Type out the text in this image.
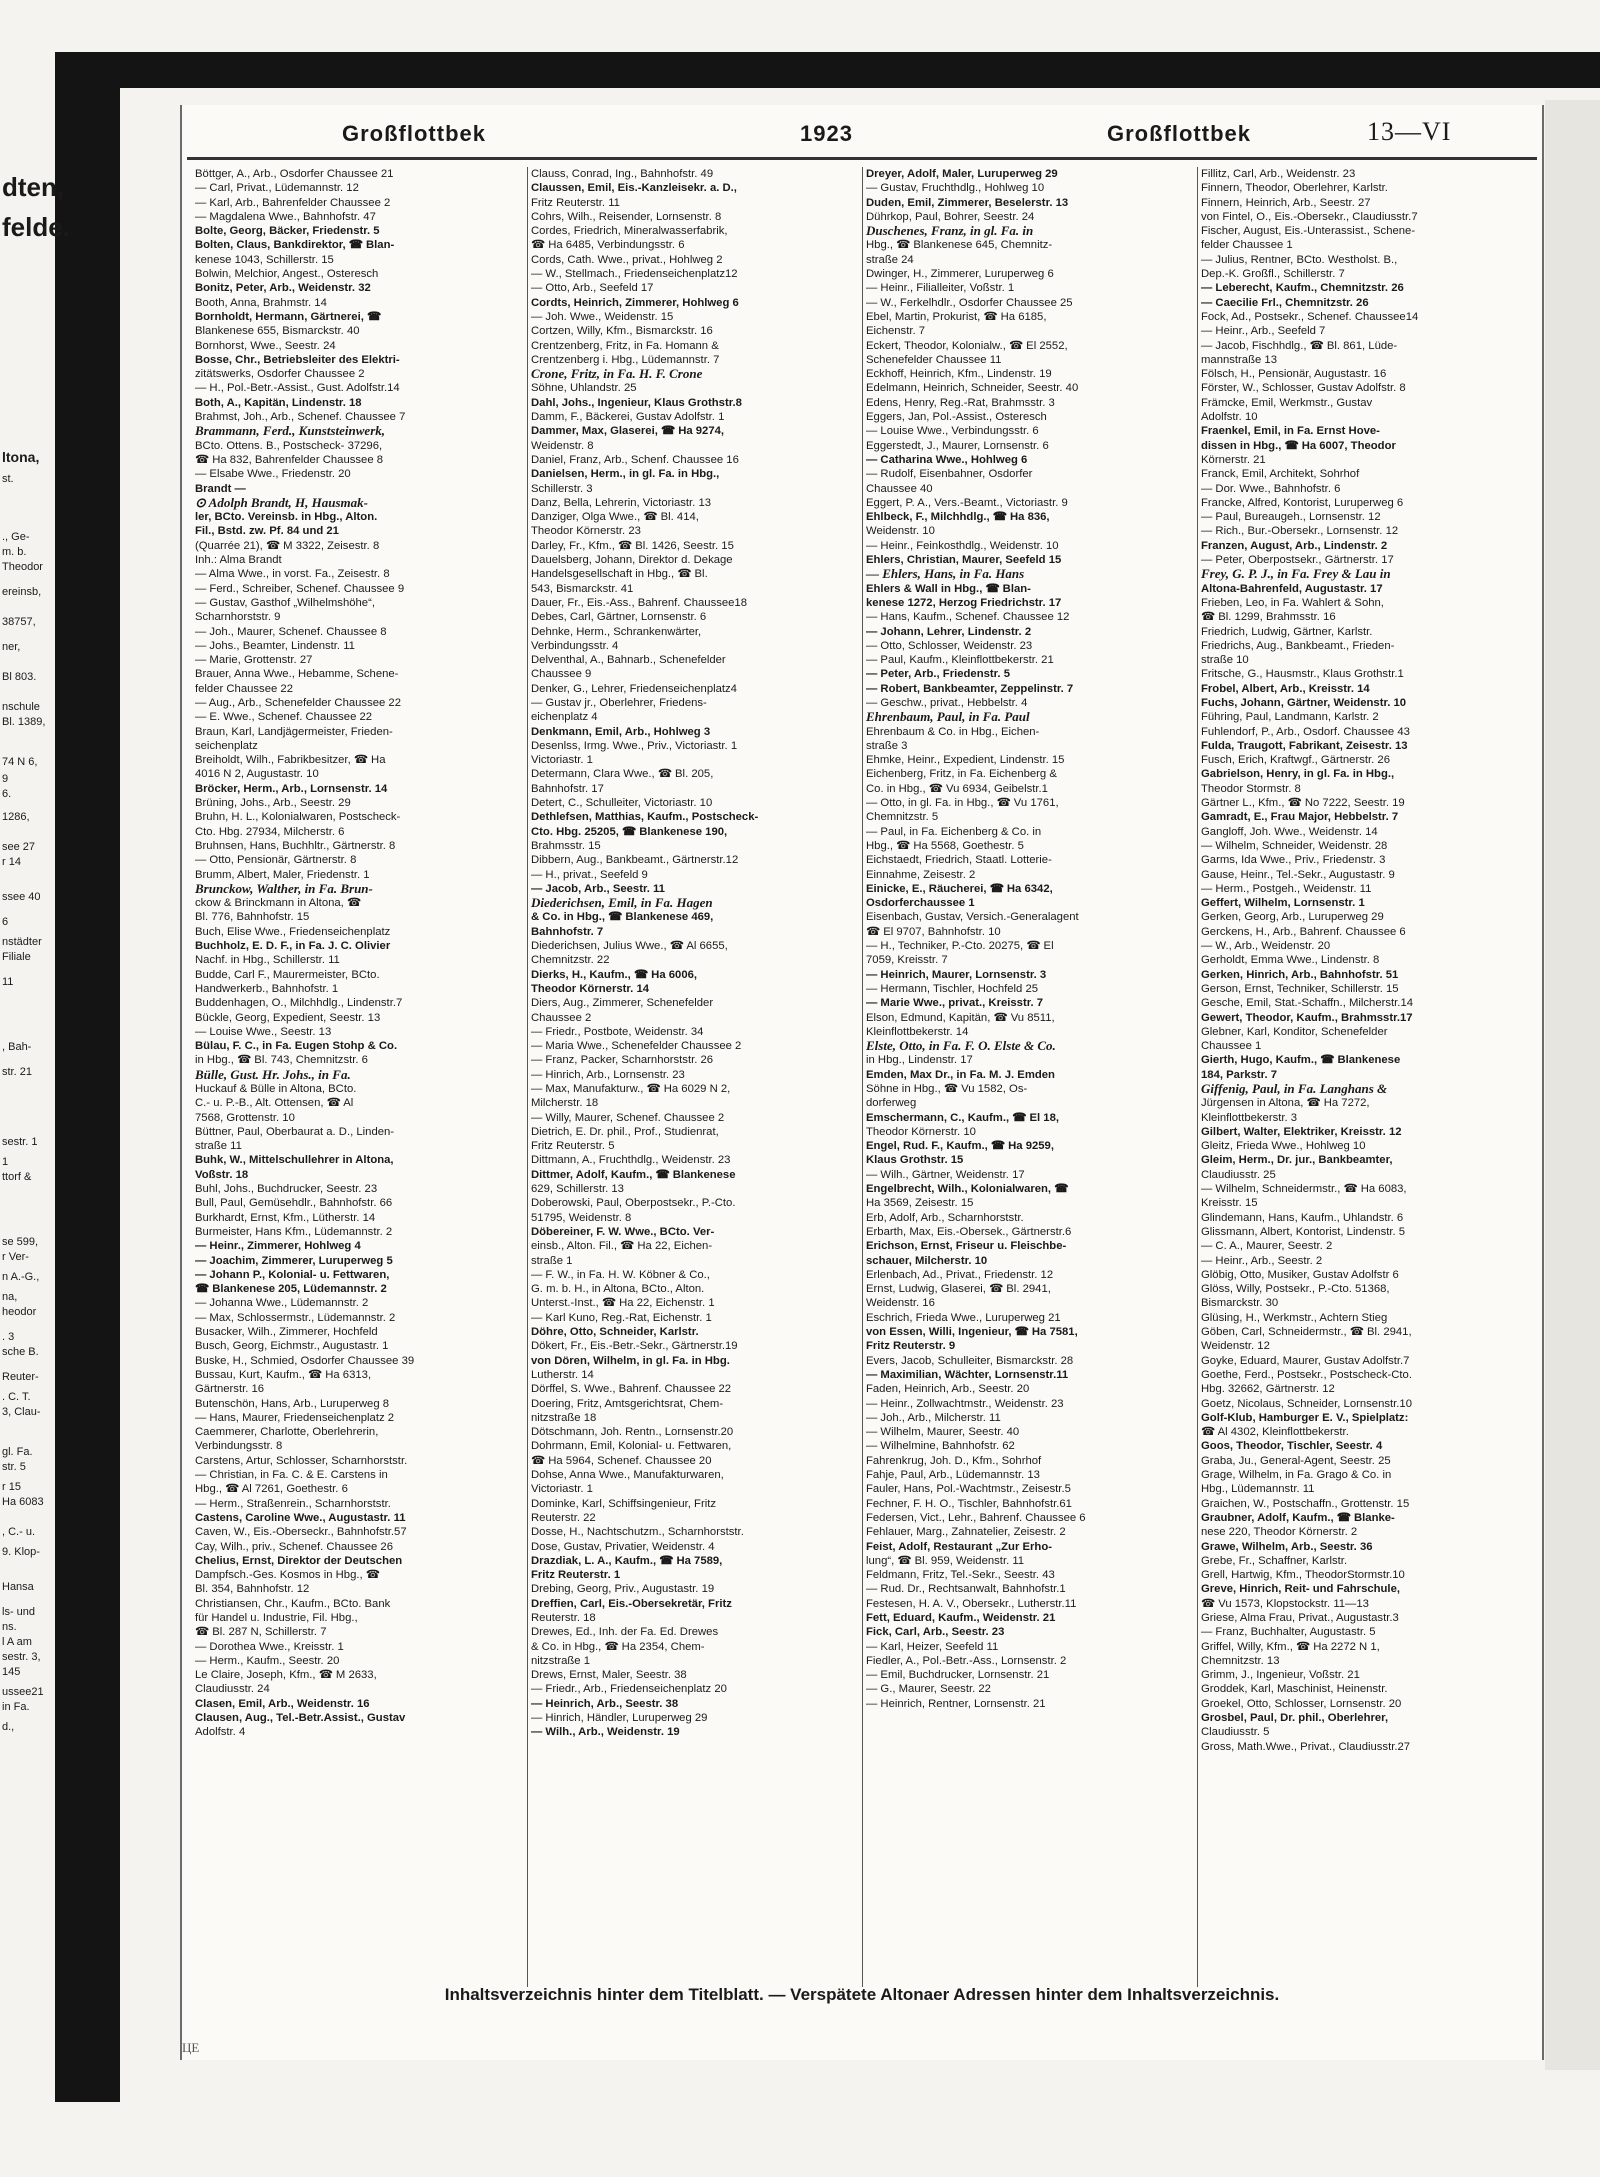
dten,
felde.
ltona,
st.
., Ge-
m. b.
Theodor
ereinsb,
38757,
ner,
Bl 803.
nschule
Bl. 1389,
74 N 6,
9
6.
1286,
see 27
r 14
ssee 40
6
nstädter
Filiale
11
, Bah-
str. 21
sestr. 1
1
ttorf &
se 599,
r Ver-
n A.-G.,
na,
heodor
. 3
sche B.
Reuter-
. C. T.
3, Clau-
gl. Fa.
str. 5
r 15
Ha 6083
, C.- u.
9. Klop-
Hansa
ls- und
ns.
l A am
sestr. 3,
145
ussee21
in Fa.
d.,
Großflottbek	1923	Großflottbek	13—VI
Böttger, A., Arb., Osdorfer Chaussee 21
— Carl, Privat., Lüdemannstr. 12
— Karl, Arb., Bahrenfelder Chaussee 2
— Magdalena Wwe., Bahnhofstr. 47
Bolte, Georg, Bäcker, Friedenstr. 5
Bolten, Claus, Bankdirektor, ☎ Blan-
kenese 1043, Schillerstr. 15
Bolwin, Melchior, Angest., Osteresch
Bonitz, Peter, Arb., Weidenstr. 32
Booth, Anna, Brahmstr. 14
Bornholdt, Hermann, Gärtnerei, ☎
Blankenese 655, Bismarckstr. 40
Bornhorst, Wwe., Seestr. 24
Bosse, Chr., Betriebsleiter des Elektri-
zitätswerks, Osdorfer Chaussee 2
— H., Pol.-Betr.-Assist., Gust. Adolfstr.14
Both, A., Kapitän, Lindenstr. 18
Brahmst, Joh., Arb., Schenef. Chaussee 7
Brammann, Ferd., Kunststeinwerk,
BCto. Ottens. B., Postscheck- 37296,
☎ Ha 832, Bahrenfelder Chaussee 8
— Elsabe Wwe., Friedenstr. 20
Brandt —
⊙ Adolph Brandt, H, Hausmak-
ler, BCto. Vereinsb. in Hbg., Alton.
Fil., Bstd. zw. Pf. 84 und 21
(Quarrée 21), ☎ M 3322, Zeisestr. 8
Inh.: Alma Brandt
— Alma Wwe., in vorst. Fa., Zeisestr. 8
— Ferd., Schreiber, Schenef. Chaussee 9
— Gustav, Gasthof „Wilhelmshöhe“,
Scharnhorststr. 9
— Joh., Maurer, Schenef. Chaussee 8
— Johs., Beamter, Lindenstr. 11
— Marie, Grottenstr. 27
Brauer, Anna Wwe., Hebamme, Schene-
felder Chaussee 22
— Aug., Arb., Schenefelder Chaussee 22
— E. Wwe., Schenef. Chaussee 22
Braun, Karl, Landjägermeister, Frieden-
seichenplatz
Breiholdt, Wilh., Fabrikbesitzer, ☎ Ha
4016 N 2, Augustastr. 10
Bröcker, Herm., Arb., Lornsenstr. 14
Brüning, Johs., Arb., Seestr. 29
Bruhn, H. L., Kolonialwaren, Postscheck-
Cto. Hbg. 27934, Milcherstr. 6
Bruhnsen, Hans, Buchhltr., Gärtnerstr. 8
— Otto, Pensionär, Gärtnerstr. 8
Brumm, Albert, Maler, Friedenstr. 1
Brunckow, Walther, in Fa. Brun-
ckow & Brinckmann in Altona, ☎
Bl. 776, Bahnhofstr. 15
Buch, Elise Wwe., Friedenseichenplatz
Buchholz, E. D. F., in Fa. J. C. Olivier
Nachf. in Hbg., Schillerstr. 11
Budde, Carl F., Maurermeister, BCto.
Handwerkerb., Bahnhofstr. 1
Buddenhagen, O., Milchhdlg., Lindenstr.7
Bückle, Georg, Expedient, Seestr. 13
— Louise Wwe., Seestr. 13
Bülau, F. C., in Fa. Eugen Stohp & Co.
in Hbg., ☎ Bl. 743, Chemnitzstr. 6
Bülle, Gust. Hr. Johs., in Fa.
Huckauf & Bülle in Altona, BCto.
C.- u. P.-B., Alt. Ottensen, ☎ Al
7568, Grottenstr. 10
Büttner, Paul, Oberbaurat a. D., Linden-
straße 11
Buhk, W., Mittelschullehrer in Altona,
Voßstr. 18
Buhl, Johs., Buchdrucker, Seestr. 23
Bull, Paul, Gemüsehdlr., Bahnhofstr. 66
Burkhardt, Ernst, Kfm., Lütherstr. 14
Burmeister, Hans Kfm., Lüdemannstr. 2
— Heinr., Zimmerer, Hohlweg 4
— Joachim, Zimmerer, Luruperweg 5
— Johann P., Kolonial- u. Fettwaren,
☎ Blankenese 205, Lüdemannstr. 2
— Johanna Wwe., Lüdemannstr. 2
— Max, Schlossermstr., Lüdemannstr. 2
Busacker, Wilh., Zimmerer, Hochfeld
Busch, Georg, Eichmstr., Augustastr. 1
Buske, H., Schmied, Osdorfer Chaussee 39
Bussau, Kurt, Kaufm., ☎ Ha 6313,
Gärtnerstr. 16
Butenschön, Hans, Arb., Luruperweg 8
— Hans, Maurer, Friedenseichenplatz 2
Caemmerer, Charlotte, Oberlehrerin,
Verbindungsstr. 8
Carstens, Artur, Schlosser, Scharnhorststr.
— Christian, in Fa. C. & E. Carstens in
Hbg., ☎ Al 7261, Goethestr. 6
— Herm., Straßenrein., Scharnhorststr.
Castens, Caroline Wwe., Augustastr. 11
Caven, W., Eis.-Oberseckr., Bahnhofstr.57
Cay, Wilh., priv., Schenef. Chaussee 26
Chelius, Ernst, Direktor der Deutschen
Dampfsch.-Ges. Kosmos in Hbg., ☎
Bl. 354, Bahnhofstr. 12
Christiansen, Chr., Kaufm., BCto. Bank
für Handel u. Industrie, Fil. Hbg.,
☎ Bl. 287 N, Schillerstr. 7
— Dorothea Wwe., Kreisstr. 1
— Herm., Kaufm., Seestr. 20
Le Claire, Joseph, Kfm., ☎ M 2633,
Claudiusstr. 24
Clasen, Emil, Arb., Weidenstr. 16
Clausen, Aug., Tel.-Betr.Assist., Gustav
Adolfstr. 4
Clauss, Conrad, Ing., Bahnhofstr. 49
Claussen, Emil, Eis.-Kanzleisekr. a. D.,
Fritz Reuterstr. 11
Cohrs, Wilh., Reisender, Lornsenstr. 8
Cordes, Friedrich, Mineralwasserfabrik,
☎ Ha 6485, Verbindungsstr. 6
Cords, Cath. Wwe., privat., Hohlweg 2
— W., Stellmach., Friedenseichenplatz12
— Otto, Arb., Seefeld 17
Cordts, Heinrich, Zimmerer, Hohlweg 6
— Joh. Wwe., Weidenstr. 15
Cortzen, Willy, Kfm., Bismarckstr. 16
Crentzenberg, Fritz, in Fa. Homann &
Crentzenberg i. Hbg., Lüdemannstr. 7
Crone, Fritz, in Fa. H. F. Crone
Söhne, Uhlandstr. 25
Dahl, Johs., Ingenieur, Klaus Grothstr.8
Damm, F., Bäckerei, Gustav Adolfstr. 1
Dammer, Max, Glaserei, ☎ Ha 9274,
Weidenstr. 8
Daniel, Franz, Arb., Schenf. Chaussee 16
Danielsen, Herm., in gl. Fa. in Hbg.,
Schillerstr. 3
Danz, Bella, Lehrerin, Victoriastr. 13
Danziger, Olga Wwe., ☎ Bl. 414,
Theodor Körnerstr. 23
Darley, Fr., Kfm., ☎ Bl. 1426, Seestr. 15
Dauelsberg, Johann, Direktor d. Dekage
Handelsgesellschaft in Hbg., ☎ Bl.
543, Bismarckstr. 41
Dauer, Fr., Eis.-Ass., Bahrenf. Chaussee18
Debes, Carl, Gärtner, Lornsenstr. 6
Dehnke, Herm., Schrankenwärter,
Verbindungsstr. 4
Delventhal, A., Bahnarb., Schenefelder
Chaussee 9
Denker, G., Lehrer, Friedenseichenplatz4
— Gustav jr., Oberlehrer, Friedens-
eichenplatz 4
Denkmann, Emil, Arb., Hohlweg 3
Desenlss, Irmg. Wwe., Priv., Victoriastr. 1
Victoriastr. 1
Determann, Clara Wwe., ☎ Bl. 205,
Bahnhofstr. 17
Detert, C., Schulleiter, Victoriastr. 10
Dethlefsen, Matthias, Kaufm., Postscheck-
Cto. Hbg. 25205, ☎ Blankenese 190,
Brahmsstr. 15
Dibbern, Aug., Bankbeamt., Gärtnerstr.12
— H., privat., Seefeld 9
— Jacob, Arb., Seestr. 11
Diederichsen, Emil, in Fa. Hagen
& Co. in Hbg., ☎ Blankenese 469,
Bahnhofstr. 7
Diederichsen, Julius Wwe., ☎ Al 6655,
Chemnitzstr. 22
Dierks, H., Kaufm., ☎ Ha 6006,
Theodor Körnerstr. 14
Diers, Aug., Zimmerer, Schenefelder
Chaussee 2
— Friedr., Postbote, Weidenstr. 34
— Maria Wwe., Schenefelder Chaussee 2
— Franz, Packer, Scharnhorststr. 26
— Hinrich, Arb., Lornsenstr. 23
— Max, Manufakturw., ☎ Ha 6029 N 2,
Milcherstr. 18
— Willy, Maurer, Schenef. Chaussee 2
Dietrich, E. Dr. phil., Prof., Studienrat,
Fritz Reuterstr. 5
Dittmann, A., Fruchthdlg., Weidenstr. 23
Dittmer, Adolf, Kaufm., ☎ Blankenese
629, Schillerstr. 13
Doberowski, Paul, Oberpostsekr., P.-Cto.
51795, Weidenstr. 8
Döbereiner, F. W. Wwe., BCto. Ver-
einsb., Alton. Fil., ☎ Ha 22, Eichen-
straße 1
— F. W., in Fa. H. W. Köbner & Co.,
G. m. b. H., in Altona, BCto., Alton.
Unterst.-Inst., ☎ Ha 22, Eichenstr. 1
— Karl Kuno, Reg.-Rat, Eichenstr. 1
Döhre, Otto, Schneider, Karlstr.
Dökert, Fr., Eis.-Betr.-Sekr., Gärtnerstr.19
von Dören, Wilhelm, in gl. Fa. in Hbg.
Lutherstr. 14
Dörffel, S. Wwe., Bahrenf. Chaussee 22
Doering, Fritz, Amtsgerichtsrat, Chem-
nitzstraße 18
Dötschmann, Joh. Rentn., Lornsenstr.20
Dohrmann, Emil, Kolonial- u. Fettwaren,
☎ Ha 5964, Schenef. Chaussee 20
Dohse, Anna Wwe., Manufakturwaren,
Victoriastr. 1
Dominke, Karl, Schiffsingenieur, Fritz
Reuterstr. 22
Dosse, H., Nachtschutzm., Scharnhorststr.
Dose, Gustav, Privatier, Weidenstr. 4
Drazdiak, L. A., Kaufm., ☎ Ha 7589,
Fritz Reuterstr. 1
Drebing, Georg, Priv., Augustastr. 19
Dreffien, Carl, Eis.-Obersekretär, Fritz
Reuterstr. 18
Drewes, Ed., Inh. der Fa. Ed. Drewes
& Co. in Hbg., ☎ Ha 2354, Chem-
nitzstraße 1
Drews, Ernst, Maler, Seestr. 38
— Friedr., Arb., Friedenseichenplatz 20
— Heinrich, Arb., Seestr. 38
— Hinrich, Händler, Luruperweg 29
— Wilh., Arb., Weidenstr. 19
Dreyer, Adolf, Maler, Luruperweg 29
— Gustav, Fruchthdlg., Hohlweg 10
Duden, Emil, Zimmerer, Beselerstr. 13
Dührkop, Paul, Bohrer, Seestr. 24
Duschenes, Franz, in gl. Fa. in
Hbg., ☎ Blankenese 645, Chemnitz-
straße 24
Dwinger, H., Zimmerer, Luruperweg 6
— Heinr., Filialleiter, Voßstr. 1
— W., Ferkelhdlr., Osdorfer Chaussee 25
Ebel, Martin, Prokurist, ☎ Ha 6185,
Eichenstr. 7
Eckert, Theodor, Kolonialw., ☎ El 2552,
Schenefelder Chaussee 11
Eckhoff, Heinrich, Kfm., Lindenstr. 19
Edelmann, Heinrich, Schneider, Seestr. 40
Edens, Henry, Reg.-Rat, Brahmsstr. 3
Eggers, Jan, Pol.-Assist., Osteresch
— Louise Wwe., Verbindungsstr. 6
Eggerstedt, J., Maurer, Lornsenstr. 6
— Catharina Wwe., Hohlweg 6
— Rudolf, Eisenbahner, Osdorfer
Chaussee 40
Eggert, P. A., Vers.-Beamt., Victoriastr. 9
Ehlbeck, F., Milchhdlg., ☎ Ha 836,
Weidenstr. 10
— Heinr., Feinkosthdlg., Weidenstr. 10
Ehlers, Christian, Maurer, Seefeld 15
— Ehlers, Hans, in Fa. Hans
Ehlers & Wall in Hbg., ☎ Blan-
kenese 1272, Herzog Friedrichstr. 17
— Hans, Kaufm., Schenef. Chaussee 12
— Johann, Lehrer, Lindenstr. 2
— Otto, Schlosser, Weidenstr. 23
— Paul, Kaufm., Kleinflottbekerstr. 21
— Peter, Arb., Friedenstr. 5
— Robert, Bankbeamter, Zeppelinstr. 7
— Geschw., privat., Hebbelstr. 4
Ehrenbaum, Paul, in Fa. Paul
Ehrenbaum & Co. in Hbg., Eichen-
straße 3
Ehmke, Heinr., Expedient, Lindenstr. 15
Eichenberg, Fritz, in Fa. Eichenberg &
Co. in Hbg., ☎ Vu 6934, Geibelstr.1
— Otto, in gl. Fa. in Hbg., ☎ Vu 1761,
Chemnitzstr. 5
— Paul, in Fa. Eichenberg & Co. in
Hbg., ☎ Ha 5568, Goethestr. 5
Eichstaedt, Friedrich, Staatl. Lotterie-
Einnahme, Zeisestr. 2
Einicke, E., Räucherei, ☎ Ha 6342,
Osdorferchaussee 1
Eisenbach, Gustav, Versich.-Generalagent
☎ El 9707, Bahnhofstr. 10
— H., Techniker, P.-Cto. 20275, ☎ El
7059, Kreisstr. 7
— Heinrich, Maurer, Lornsenstr. 3
— Hermann, Tischler, Hochfeld 25
— Marie Wwe., privat., Kreisstr. 7
Elson, Edmund, Kapitän, ☎ Vu 8511,
Kleinflottbekerstr. 14
Elste, Otto, in Fa. F. O. Elste & Co.
in Hbg., Lindenstr. 17
Emden, Max Dr., in Fa. M. J. Emden
Söhne in Hbg., ☎ Vu 1582, Os-
dorferweg
Emschermann, C., Kaufm., ☎ El 18,
Theodor Körnerstr. 10
Engel, Rud. F., Kaufm., ☎ Ha 9259,
Klaus Grothstr. 15
— Wilh., Gärtner, Weidenstr. 17
Engelbrecht, Wilh., Kolonialwaren, ☎
Ha 3569, Zeisestr. 15
Erb, Adolf, Arb., Scharnhorststr.
Erbarth, Max, Eis.-Obersek., Gärtnerstr.6
Erichson, Ernst, Friseur u. Fleischbe-
schauer, Milcherstr. 10
Erlenbach, Ad., Privat., Friedenstr. 12
Ernst, Ludwig, Glaserei, ☎ Bl. 2941,
Weidenstr. 16
Eschrich, Frieda Wwe., Luruperweg 21
von Essen, Willi, Ingenieur, ☎ Ha 7581,
Fritz Reuterstr. 9
Evers, Jacob, Schulleiter, Bismarckstr. 28
— Maximilian, Wächter, Lornsenstr.11
Faden, Heinrich, Arb., Seestr. 20
— Heinr., Zollwachtmstr., Weidenstr. 23
— Joh., Arb., Milcherstr. 11
— Wilhelm, Maurer, Seestr. 40
— Wilhelmine, Bahnhofstr. 62
Fahrenkrug, Joh. D., Kfm., Sohrhof
Fahje, Paul, Arb., Lüdemannstr. 13
Fauler, Hans, Pol.-Wachtmstr., Zeisestr.5
Fechner, F. H. O., Tischler, Bahnhofstr.61
Federsen, Vict., Lehr., Bahrenf. Chaussee 6
Fehlauer, Marg., Zahnatelier, Zeisestr. 2
Feist, Adolf, Restaurant „Zur Erho-
lung“, ☎ Bl. 959, Weidenstr. 11
Feldmann, Fritz, Tel.-Sekr., Seestr. 43
— Rud. Dr., Rechtsanwalt, Bahnhofstr.1
Festesen, H. A. V., Obersekr., Lutherstr.11
Fett, Eduard, Kaufm., Weidenstr. 21
Fick, Carl, Arb., Seestr. 23
— Karl, Heizer, Seefeld 11
Fiedler, A., Pol.-Betr.-Ass., Lornsenstr. 2
— Emil, Buchdrucker, Lornsenstr. 21
— G., Maurer, Seestr. 22
— Heinrich, Rentner, Lornsenstr. 21
Fillitz, Carl, Arb., Weidenstr. 23
Finnern, Theodor, Oberlehrer, Karlstr.
Finnern, Heinrich, Arb., Seestr. 27
von Fintel, O., Eis.-Obersekr., Claudiusstr.7
Fischer, August, Eis.-Unterassist., Schene-
felder Chaussee 1
— Julius, Rentner, BCto. Westholst. B.,
Dep.-K. Großfl., Schillerstr. 7
— Leberecht, Kaufm., Chemnitzstr. 26
— Caecilie Frl., Chemnitzstr. 26
Fock, Ad., Postsekr., Schenef. Chaussee14
— Heinr., Arb., Seefeld 7
— Jacob, Fischhdlg., ☎ Bl. 861, Lüde-
mannstraße 13
Fölsch, H., Pensionär, Augustastr. 16
Förster, W., Schlosser, Gustav Adolfstr. 8
Främcke, Emil, Werkmstr., Gustav
Adolfstr. 10
Fraenkel, Emil, in Fa. Ernst Hove-
dissen in Hbg., ☎ Ha 6007, Theodor
Körnerstr. 21
Franck, Emil, Architekt, Sohrhof
— Dor. Wwe., Bahnhofstr. 6
Francke, Alfred, Kontorist, Luruperweg 6
— Paul, Bureaugeh., Lornsenstr. 12
— Rich., Bur.-Obersekr., Lornsenstr. 12
Franzen, August, Arb., Lindenstr. 2
— Peter, Oberpostsekr., Gärtnerstr. 17
Frey, G. P. J., in Fa. Frey & Lau in
Altona-Bahrenfeld, Augustastr. 17
Frieben, Leo, in Fa. Wahlert & Sohn,
☎ Bl. 1299, Brahmsstr. 16
Friedrich, Ludwig, Gärtner, Karlstr.
Friedrichs, Aug., Bankbeamt., Frieden-
straße 10
Fritsche, G., Hausmstr., Klaus Grothstr.1
Frobel, Albert, Arb., Kreisstr. 14
Fuchs, Johann, Gärtner, Weidenstr. 10
Führing, Paul, Landmann, Karlstr. 2
Fuhlendorf, P., Arb., Osdorf. Chaussee 43
Fulda, Traugott, Fabrikant, Zeisestr. 13
Fusch, Erich, Kraftwgf., Gärtnerstr. 26
Gabrielson, Henry, in gl. Fa. in Hbg.,
Theodor Stormstr. 8
Gärtner L., Kfm., ☎ No 7222, Seestr. 19
Gamradt, E., Frau Major, Hebbelstr. 7
Gangloff, Joh. Wwe., Weidenstr. 14
— Wilhelm, Schneider, Weidenstr. 28
Garms, Ida Wwe., Priv., Friedenstr. 3
Gause, Heinr., Tel.-Sekr., Augustastr. 9
— Herm., Postgeh., Weidenstr. 11
Geffert, Wilhelm, Lornsenstr. 1
Gerken, Georg, Arb., Luruperweg 29
Gerckens, H., Arb., Bahrenf. Chaussee 6
— W., Arb., Weidenstr. 20
Gerholdt, Emma Wwe., Lindenstr. 8
Gerken, Hinrich, Arb., Bahnhofstr. 51
Gerson, Ernst, Techniker, Schillerstr. 15
Gesche, Emil, Stat.-Schaffn., Milcherstr.14
Gewert, Theodor, Kaufm., Brahmsstr.17
Glebner, Karl, Konditor, Schenefelder
Chaussee 1
Gierth, Hugo, Kaufm., ☎ Blankenese
184, Parkstr. 7
Giffenig, Paul, in Fa. Langhans &
Jürgensen in Altona, ☎ Ha 7272,
Kleinflottbekerstr. 3
Gilbert, Walter, Elektriker, Kreisstr. 12
Gleitz, Frieda Wwe., Hohlweg 10
Gleim, Herm., Dr. jur., Bankbeamter,
Claudiusstr. 25
— Wilhelm, Schneidermstr., ☎ Ha 6083,
Kreisstr. 15
Glindemann, Hans, Kaufm., Uhlandstr. 6
Glissmann, Albert, Kontorist, Lindenstr. 5
— C. A., Maurer, Seestr. 2
— Heinr., Arb., Seestr. 2
Glöbig, Otto, Musiker, Gustav Adolfstr 6
Glöss, Willy, Postsekr., P.-Cto. 51368,
Bismarckstr. 30
Glüsing, H., Werkmstr., Achtern Stieg
Göben, Carl, Schneidermstr., ☎ Bl. 2941,
Weidenstr. 12
Goyke, Eduard, Maurer, Gustav Adolfstr.7
Goethe, Ferd., Postsekr., Postscheck-Cto.
Hbg. 32662, Gärtnerstr. 12
Goetz, Nicolaus, Schneider, Lornsenstr.10
Golf-Klub, Hamburger E. V., Spielplatz:
☎ Al 4302, Kleinflottbekerstr.
Goos, Theodor, Tischler, Seestr. 4
Graba, Ju., General-Agent, Seestr. 25
Grage, Wilhelm, in Fa. Grago & Co. in
Hbg., Lüdemannstr. 11
Graichen, W., Postschaffn., Grottenstr. 15
Graubner, Adolf, Kaufm., ☎ Blanke-
nese 220, Theodor Körnerstr. 2
Grawe, Wilhelm, Arb., Seestr. 36
Grebe, Fr., Schaffner, Karlstr.
Grell, Hartwig, Kfm., TheodorStormstr.10
Greve, Hinrich, Reit- und Fahrschule,
☎ Vu 1573, Klopstockstr. 11—13
Griese, Alma Frau, Privat., Augustastr.3
— Franz, Buchhalter, Augustastr. 5
Griffel, Willy, Kfm., ☎ Ha 2272 N 1,
Chemnitzstr. 13
Grimm, J., Ingenieur, Voßstr. 21
Groddek, Karl, Maschinist, Heinenstr.
Groekel, Otto, Schlosser, Lornsenstr. 20
Grosbel, Paul, Dr. phil., Oberlehrer,
Claudiusstr. 5
Gross, Math.Wwe., Privat., Claudiusstr.27
Inhaltsverzeichnis hinter dem Titelblatt. — Verspätete Altonaer Adressen hinter dem Inhaltsverzeichnis.
ЦЕ
